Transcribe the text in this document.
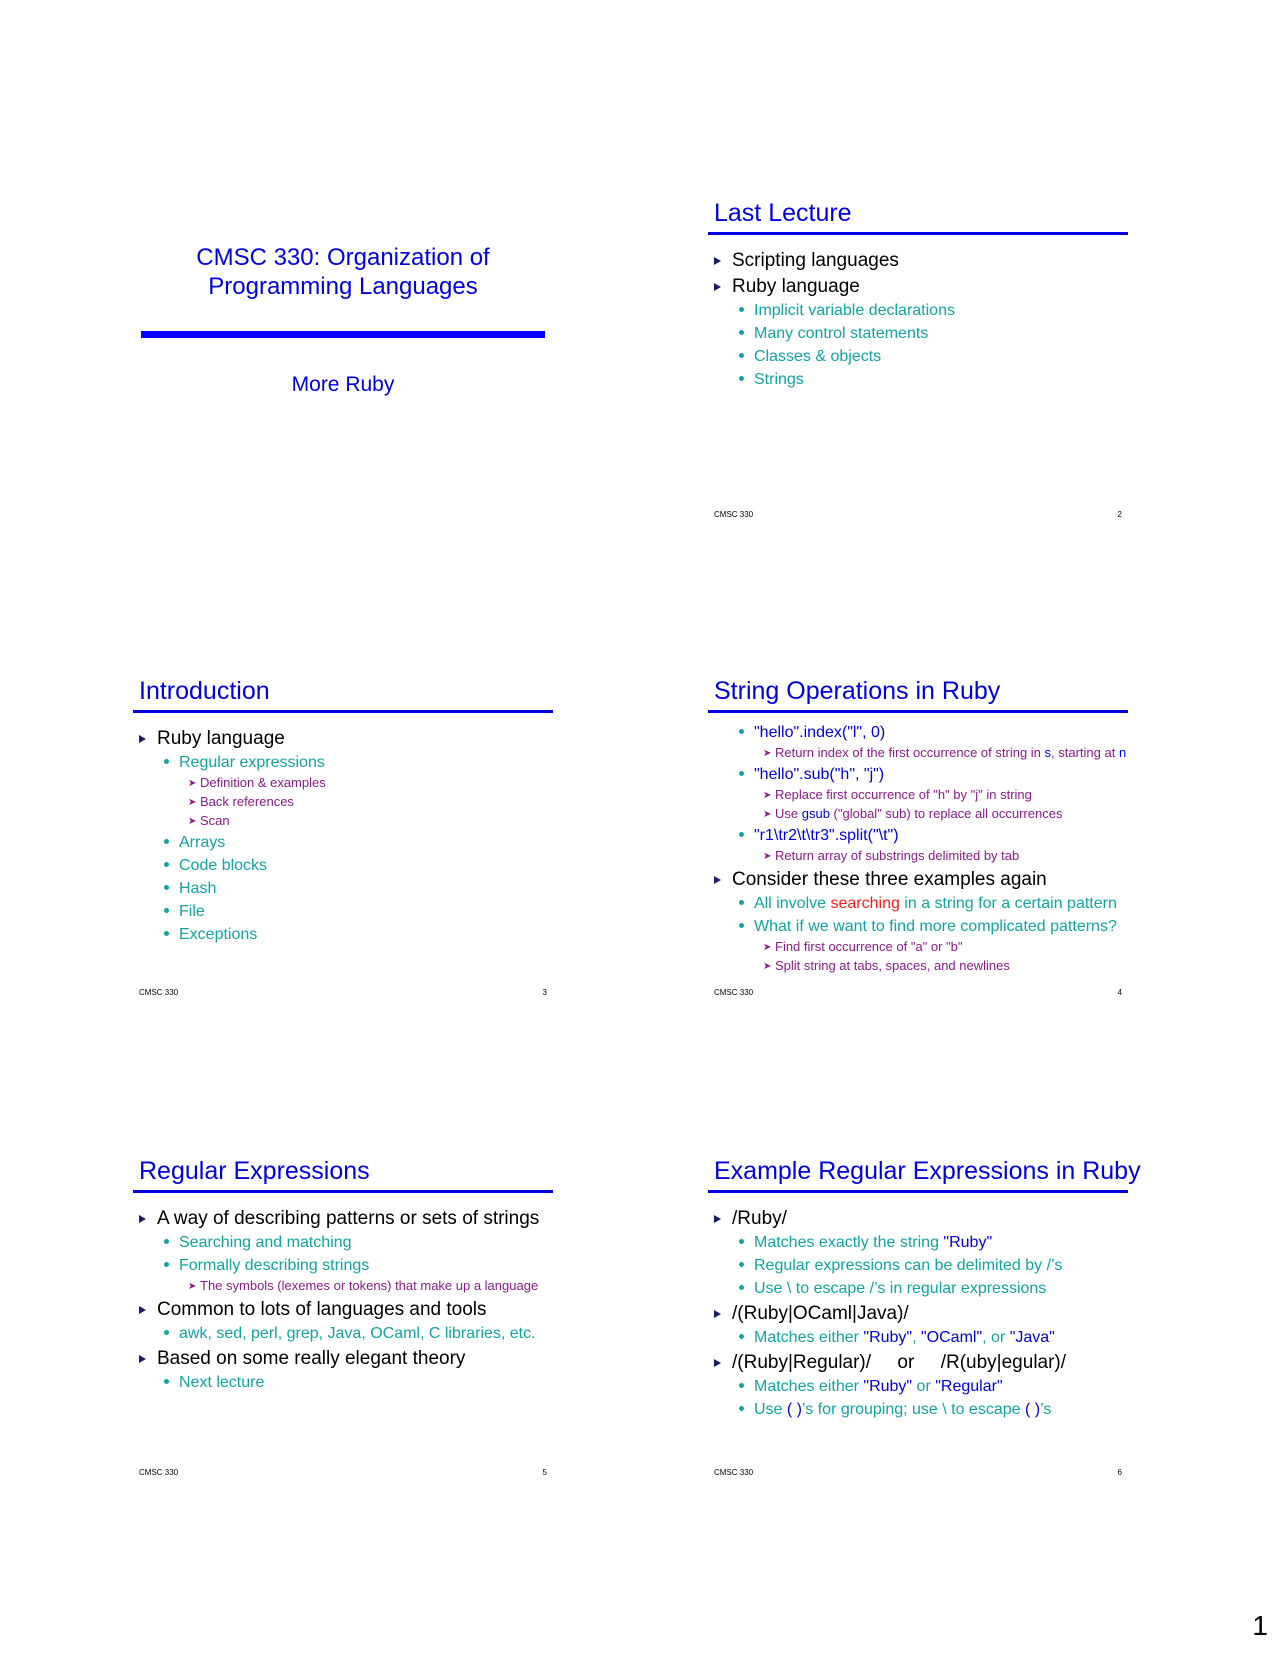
CMSC 330: Organization of
Programming Languages
More Ruby
Last Lecture
Scripting languages
Ruby language
Implicit variable declarations
Many control statements
Classes & objects
Strings
CMSC 330	2
Introduction
Ruby language
Regular expressions
➤ Definition & examples
➤ Back references
➤ Scan
Arrays
Code blocks
Hash
File
Exceptions
CMSC 330	3
String Operations in Ruby
"hello".index("l", 0)
➤ Return index of the first occurrence of string in s, starting at n
"hello".sub("h", "j")
➤ Replace first occurrence of "h" by "j" in string
➤ Use gsub ("global" sub) to replace all occurrences
"r1\tr2\t\tr3".split("\t")
➤ Return array of substrings delimited by tab
Consider these three examples again
All involve searching in a string for a certain pattern
What if we want to find more complicated patterns?
➤ Find first occurrence of "a" or "b"
➤ Split string at tabs, spaces, and newlines
CMSC 330	4
Regular Expressions
A way of describing patterns or sets of strings
Searching and matching
Formally describing strings
➤ The symbols (lexemes or tokens) that make up a language
Common to lots of languages and tools
awk, sed, perl, grep, Java, OCaml, C libraries, etc.
Based on some really elegant theory
Next lecture
CMSC 330	5
Example Regular Expressions in Ruby
/Ruby/
Matches exactly the string "Ruby"
Regular expressions can be delimited by /’s
Use \ to escape /’s in regular expressions
/(Ruby|OCaml|Java)/
Matches either "Ruby", "OCaml", or "Java"
/(Ruby|Regular)/     or     /R(uby|egular)/
Matches either "Ruby" or "Regular"
Use ( )’s for grouping; use \ to escape ( )’s
CMSC 330	6
1
